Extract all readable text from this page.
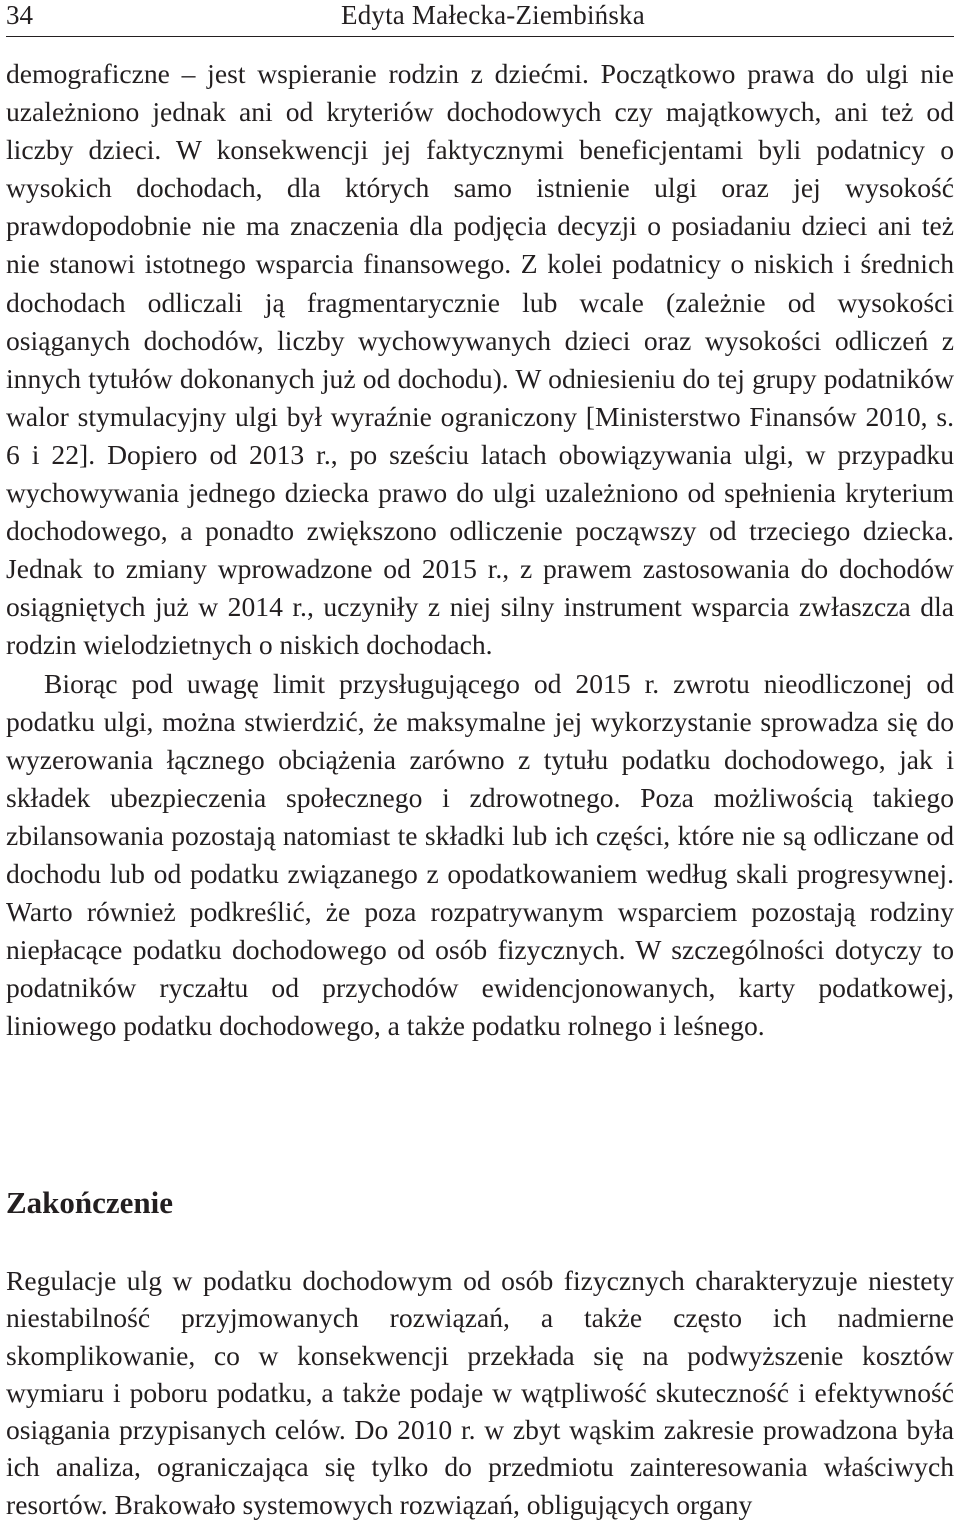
34	Edyta Małecka-Ziembińska

demograficzne – jest wspieranie rodzin z dziećmi. Początkowo prawa do ulgi nie uzależniono jednak ani od kryteriów dochodowych czy majątkowych, ani też od liczby dzieci. W konsekwencji jej faktycznymi beneficjentami byli podatnicy o wysokich dochodach, dla których samo istnienie ulgi oraz jej wysokość prawdopodobnie nie ma znaczenia dla podjęcia decyzji o posiadaniu dzieci ani też nie stanowi istotnego wsparcia finansowego. Z kolei podatnicy o niskich i średnich dochodach odliczali ją fragmentarycznie lub wcale (zależnie od wysokości osiąganych dochodów, liczby wychowywanych dzieci oraz wysokości odliczeń z innych tytułów dokonanych już od dochodu). W odniesieniu do tej grupy podatników walor stymulacyjny ulgi był wyraźnie ograniczony [Ministerstwo Finansów 2010, s. 6 i 22]. Dopiero od 2013 r., po sześciu latach obowiązywania ulgi, w przypadku wychowywania jednego dziecka prawo do ulgi uzależniono od spełnienia kryterium dochodowego, a ponadto zwiększono odliczenie począwszy od trzeciego dziecka. Jednak to zmiany wprowadzone od 2015 r., z prawem zastosowania do dochodów osiągniętych już w 2014 r., uczyniły z niej silny instrument wsparcia zwłaszcza dla rodzin wielodzietnych o niskich dochodach.

Biorąc pod uwagę limit przysługującego od 2015 r. zwrotu nieodliczonej od podatku ulgi, można stwierdzić, że maksymalne jej wykorzystanie sprowadza się do wyzerowania łącznego obciążenia zarówno z tytułu podatku dochodowego, jak i składek ubezpieczenia społecznego i zdrowotnego. Poza możliwością takiego zbilansowania pozostają natomiast te składki lub ich części, które nie są odliczane od dochodu lub od podatku związanego z opodatkowaniem według skali progresywnej. Warto również podkreślić, że poza rozpatrywanym wsparciem pozostają rodziny niepłacące podatku dochodowego od osób fizycznych. W szczególności dotyczy to podatników ryczałtu od przychodów ewidencjonowanych, karty podatkowej, liniowego podatku dochodowego, a także podatku rolnego i leśnego.

Zakończenie

Regulacje ulg w podatku dochodowym od osób fizycznych charakteryzuje niestety niestabilność przyjmowanych rozwiązań, a także często ich nadmierne skomplikowanie, co w konsekwencji przekłada się na podwyższenie kosztów wymiaru i poboru podatku, a także podaje w wątpliwość skuteczność i efektywność osiągania przypisanych celów. Do 2010 r. w zbyt wąskim zakresie prowadzona była ich analiza, ograniczająca się tylko do przedmiotu zainteresowania właściwych resortów. Brakowało systemowych rozwiązań, obligujących organy
